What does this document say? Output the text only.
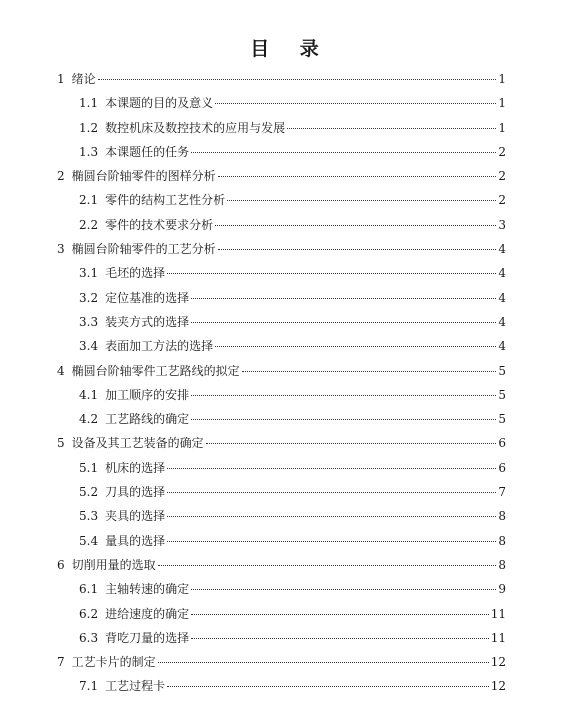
目 录
1 绪论	1
1.1 本课题的目的及意义	1
1.2 数控机床及数控技术的应用与发展	1
1.3 本课题任的任务	2
2 椭圆台阶轴零件的图样分析	2
2.1 零件的结构工艺性分析	2
2.2 零件的技术要求分析	3
3 椭圆台阶轴零件的工艺分析	4
3.1 毛坯的选择	4
3.2 定位基准的选择	4
3.3 装夹方式的选择	4
3.4 表面加工方法的选择	4
4 椭圆台阶轴零件工艺路线的拟定	5
4.1 加工顺序的安排	5
4.2 工艺路线的确定	5
5 设备及其工艺装备的确定	6
5.1 机床的选择	6
5.2 刀具的选择	7
5.3 夹具的选择	8
5.4 量具的选择	8
6 切削用量的选取	8
6.1 主轴转速的确定	9
6.2 进给速度的确定	11
6.3 背吃刀量的选择	11
7 工艺卡片的制定	12
7.1 工艺过程卡	12
